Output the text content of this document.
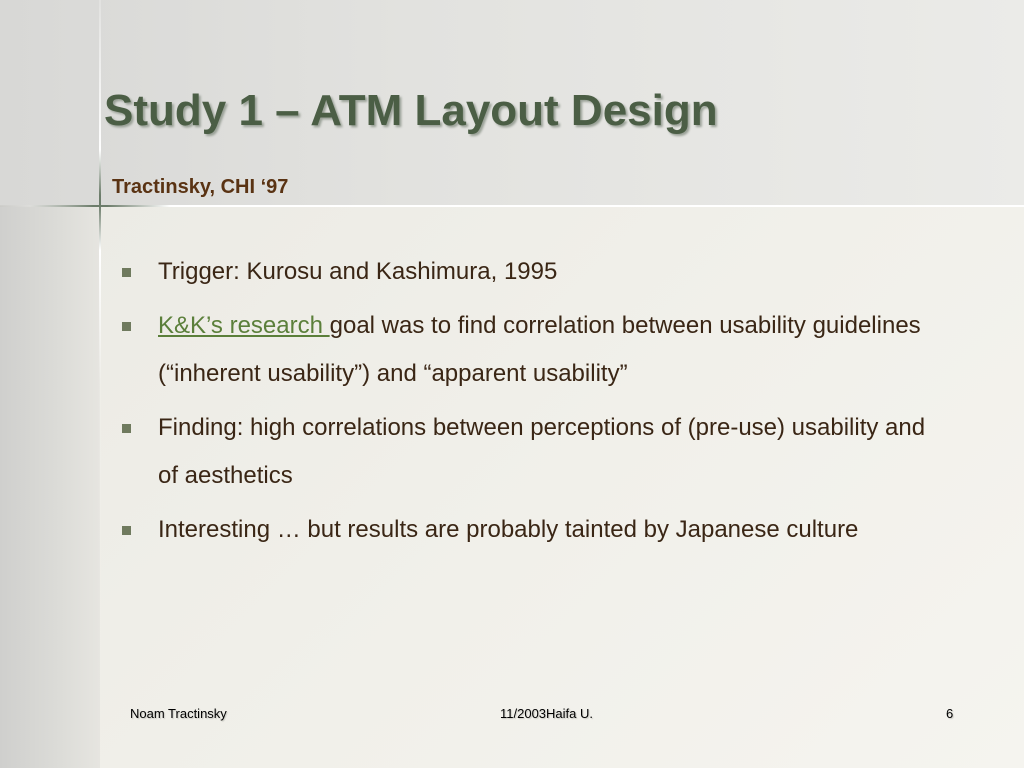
Study 1 – ATM Layout Design
Tractinsky, CHI ‘97
Trigger: Kurosu and Kashimura, 1995
K&K’s research goal was to find correlation between usability guidelines (“inherent usability”) and “apparent usability”
Finding: high correlations between perceptions of (pre-use) usability and of aesthetics
Interesting … but results are probably tainted by Japanese culture
Noam Tractinsky	11/2003Haifa U.	6
